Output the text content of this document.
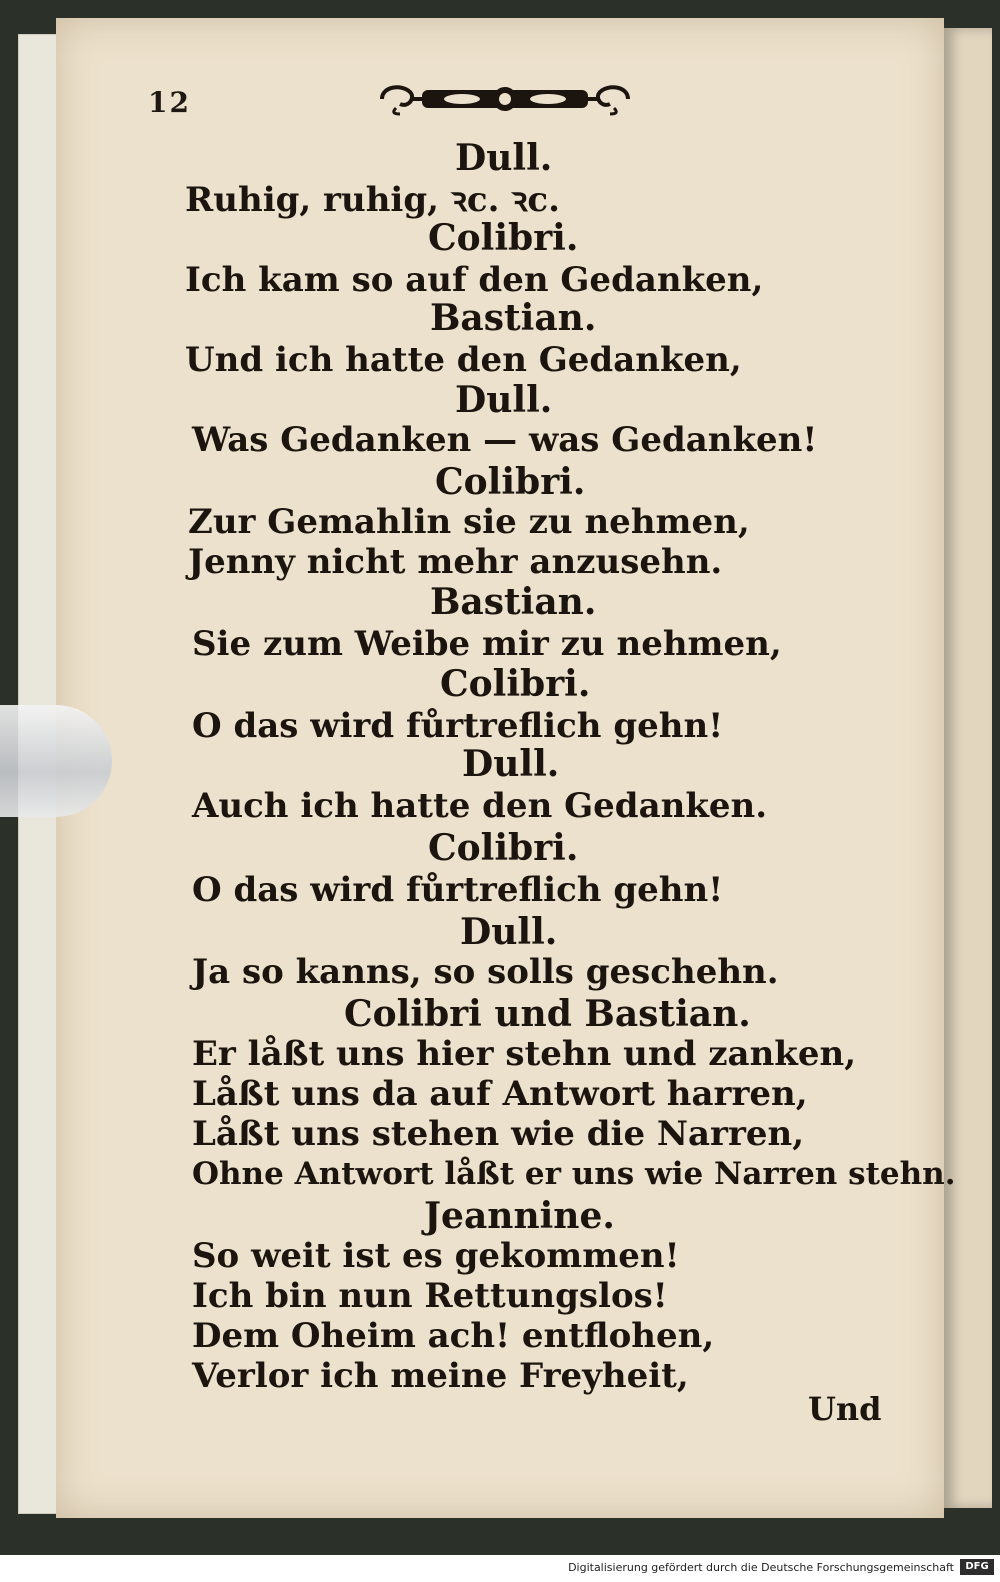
12
Dull.
Ruhig, ruhig, ꝛc. ꝛc.
Colibri.
Ich kam so auf den Gedanken,
Bastian.
Und ich hatte den Gedanken,
Dull.
Was Gedanken — was Gedanken!
Colibri.
Zur Gemahlin sie zu nehmen,
Jenny nicht mehr anzusehn.
Bastian.
Sie zum Weibe mir zu nehmen,
Colibri.
O das wird fůrtreflich gehn!
Dull.
Auch ich hatte den Gedanken.
Colibri.
O das wird fůrtreflich gehn!
Dull.
Ja so kanns, so solls geschehn.
Colibri und Bastian.
Er låßt uns hier stehn und zanken,
Låßt uns da auf Antwort harren,
Låßt uns stehen wie die Narren,
Ohne Antwort låßt er uns wie Narren stehn.
Jeannine.
So weit ist es gekommen!
Ich bin nun Rettungslos!
Dem Oheim ach! entflohen,
Verlor ich meine Freyheit,
Und
Digitalisierung gefördert durch die Deutsche Forschungsgemeinschaft	DFG
